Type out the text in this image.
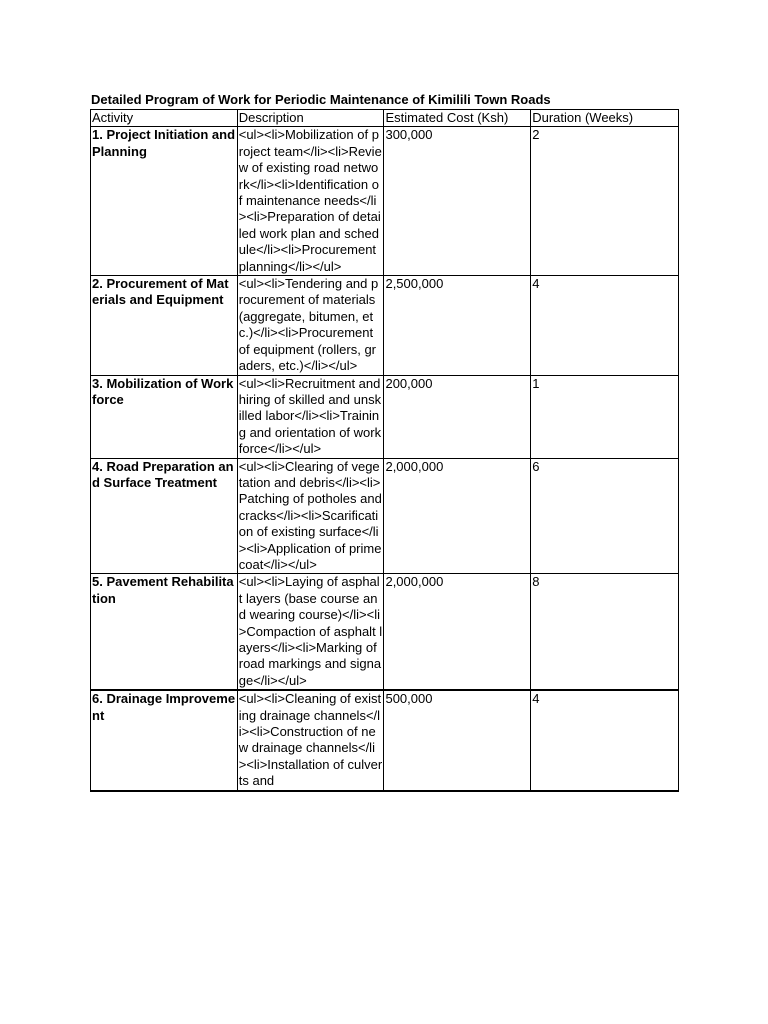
Detailed Program of Work for Periodic Maintenance of Kimilili Town Roads
Activity	Description	Estimated Cost (Ksh)	Duration (Weeks)
1. Project Initiation and Planning	<ul><li>Mobilization of project team</li><li>Review of existing road network</li><li>Identification of maintenance needs</li><li>Preparation of detailed work plan and schedule</li><li>Procurement planning</li></ul>	300,000	2
2. Procurement of Materials and Equipment	<ul><li>Tendering and procurement of materials (aggregate, bitumen, etc.)</li><li>Procurement of equipment (rollers, graders, etc.)</li></ul>	2,500,000	4
3. Mobilization of Workforce	<ul><li>Recruitment and hiring of skilled and unskilled labor</li><li>Training and orientation of workforce</li></ul>	200,000	1
4. Road Preparation and Surface Treatment	<ul><li>Clearing of vegetation and debris</li><li>Patching of potholes and cracks</li><li>Scarification of existing surface</li><li>Application of prime coat</li></ul>	2,000,000	6
5. Pavement Rehabilitation	<ul><li>Laying of asphalt layers (base course and wearing course)</li><li>Compaction of asphalt layers</li><li>Marking of road markings and signage</li></ul>	2,000,000	8
6. Drainage Improvement	<ul><li>Cleaning of existing drainage channels</li><li>Construction of new drainage channels</li><li>Installation of culverts and	500,000	4
